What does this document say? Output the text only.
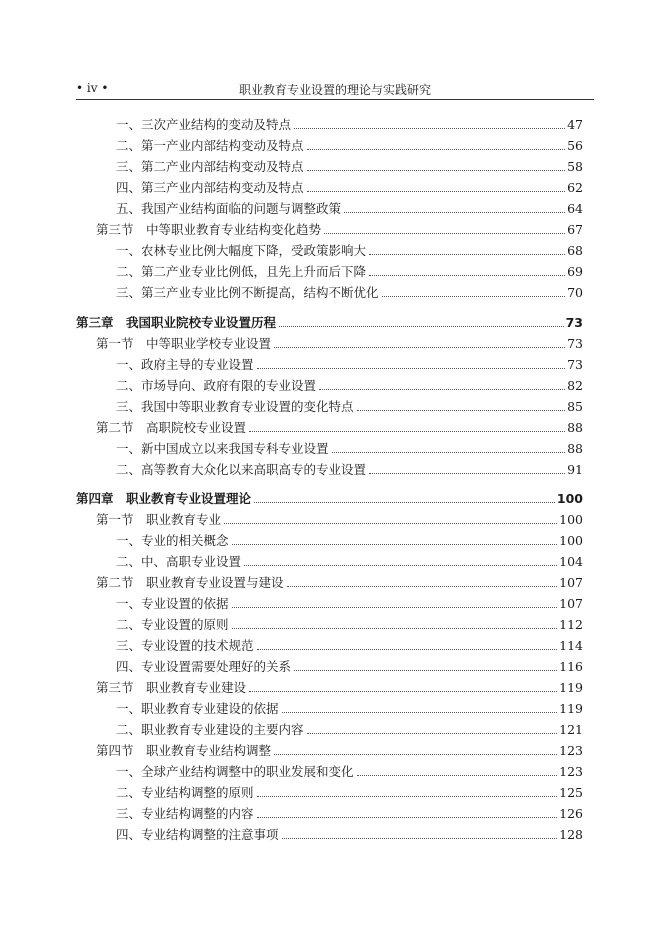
• iv •	职业教育专业设置的理论与实践研究
一、三次产业结构的变动及特点	47
二、第一产业内部结构变动及特点	56
三、第二产业内部结构变动及特点	58
四、第三产业内部结构变动及特点	62
五、我国产业结构面临的问题与调整政策	64
第三节　中等职业教育专业结构变化趋势	67
一、农林专业比例大幅度下降，受政策影响大	68
二、第二产业专业比例低，且先上升而后下降	69
三、第三产业专业比例不断提高，结构不断优化	70
第三章　我国职业院校专业设置历程	73
第一节　中等职业学校专业设置	73
一、政府主导的专业设置	73
二、市场导向、政府有限的专业设置	82
三、我国中等职业教育专业设置的变化特点	85
第二节　高职院校专业设置	88
一、新中国成立以来我国专科专业设置	88
二、高等教育大众化以来高职高专的专业设置	91
第四章　职业教育专业设置理论	100
第一节　职业教育专业	100
一、专业的相关概念	100
二、中、高职专业设置	104
第二节　职业教育专业设置与建设	107
一、专业设置的依据	107
二、专业设置的原则	112
三、专业设置的技术规范	114
四、专业设置需要处理好的关系	116
第三节　职业教育专业建设	119
一、职业教育专业建设的依据	119
二、职业教育专业建设的主要内容	121
第四节　职业教育专业结构调整	123
一、全球产业结构调整中的职业发展和变化	123
二、专业结构调整的原则	125
三、专业结构调整的内容	126
四、专业结构调整的注意事项	128
